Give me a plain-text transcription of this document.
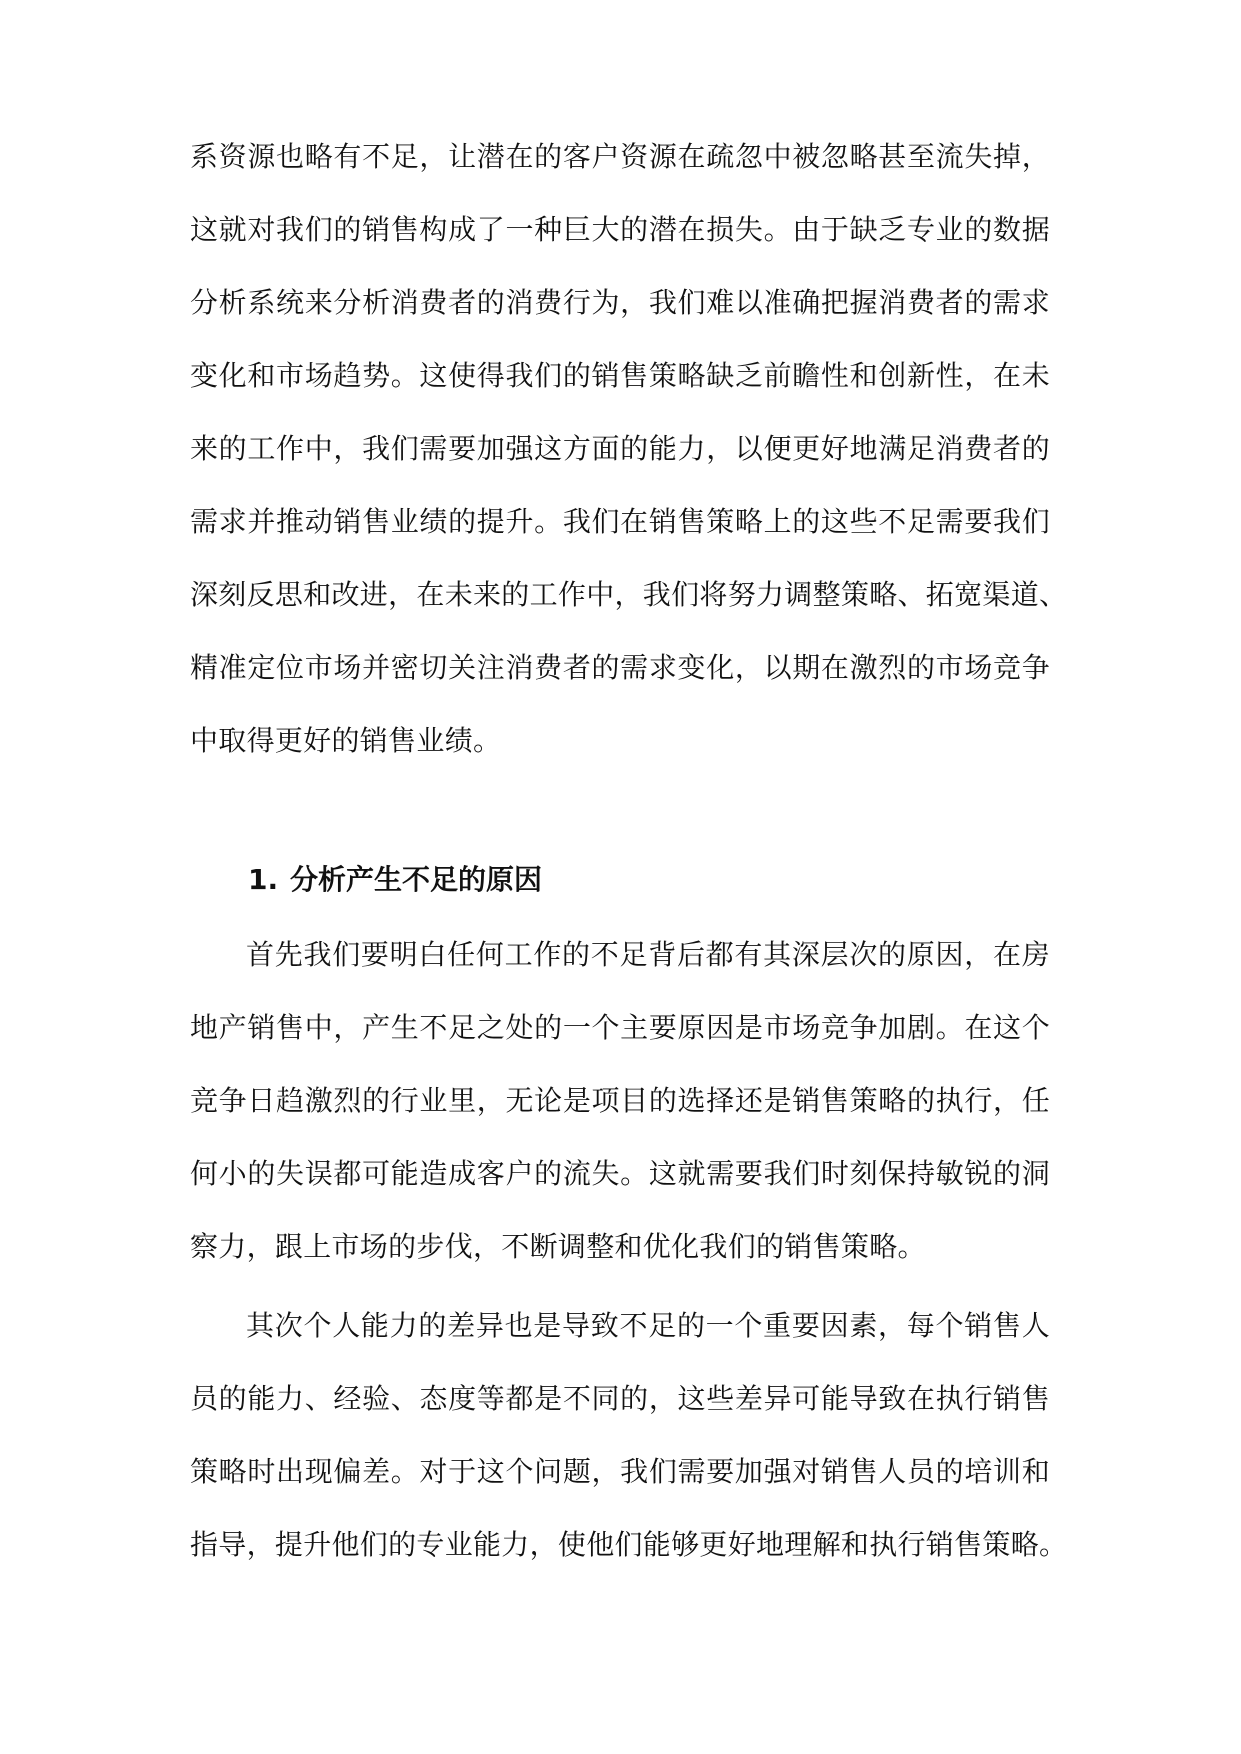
系资源也略有不足，让潜在的客户资源在疏忽中被忽略甚至流失掉，
这就对我们的销售构成了一种巨大的潜在损失。由于缺乏专业的数据
分析系统来分析消费者的消费行为，我们难以准确把握消费者的需求
变化和市场趋势。这使得我们的销售策略缺乏前瞻性和创新性，在未
来的工作中，我们需要加强这方面的能力，以便更好地满足消费者的
需求并推动销售业绩的提升。我们在销售策略上的这些不足需要我们
深刻反思和改进，在未来的工作中，我们将努力调整策略、拓宽渠道、
精准定位市场并密切关注消费者的需求变化，以期在激烈的市场竞争
中取得更好的销售业绩。
1. 分析产生不足的原因
首先我们要明白任何工作的不足背后都有其深层次的原因，在房
地产销售中，产生不足之处的一个主要原因是市场竞争加剧。在这个
竞争日趋激烈的行业里，无论是项目的选择还是销售策略的执行，任
何小的失误都可能造成客户的流失。这就需要我们时刻保持敏锐的洞
察力，跟上市场的步伐，不断调整和优化我们的销售策略。
其次个人能力的差异也是导致不足的一个重要因素，每个销售人
员的能力、经验、态度等都是不同的，这些差异可能导致在执行销售
策略时出现偏差。对于这个问题，我们需要加强对销售人员的培训和
指导，提升他们的专业能力，使他们能够更好地理解和执行销售策略。
